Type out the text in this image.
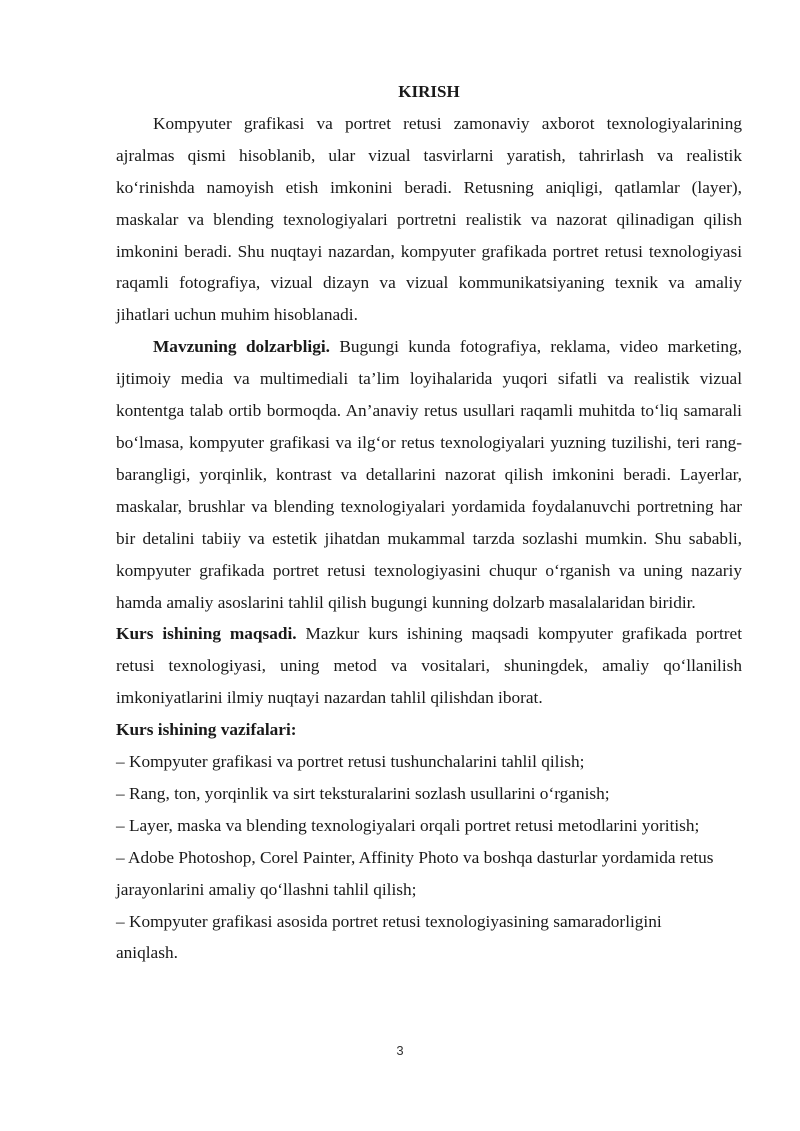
KIRISH

Kompyuter grafikasi va portret retusi zamonaviy axborot texnologiyalarining ajralmas qismi hisoblanib, ular vizual tasvirlarni yaratish, tahrirlash va realistik ko‘rinishda namoyish etish imkonini beradi. Retusning aniqligi, qatlamlar (layer), maskalar va blending texnologiyalari portretni realistik va nazorat qilinadigan qilish imkonini beradi. Shu nuqtayi nazardan, kompyuter grafikada portret retusi texnologiyasi raqamli fotografiya, vizual dizayn va vizual kommunikatsiyaning texnik va amaliy jihatlari uchun muhim hisoblanadi.

Mavzuning dolzarbligi. Bugungi kunda fotografiya, reklama, video marketing, ijtimoiy media va multimediali ta’lim loyihalarida yuqori sifatli va realistik vizual kontentga talab ortib bormoqda. An’anaviy retus usullari raqamli muhitda to‘liq samarali bo‘lmasa, kompyuter grafikasi va ilg‘or retus texnologiyalari yuzning tuzilishi, teri rang-barangligi, yorqinlik, kontrast va detallarini nazorat qilish imkonini beradi. Layerlar, maskalar, brushlar va blending texnologiyalari yordamida foydalanuvchi portretning har bir detalini tabiiy va estetik jihatdan mukammal tarzda sozlashi mumkin. Shu sababli, kompyuter grafikada portret retusi texnologiyasini chuqur o‘rganish va uning nazariy hamda amaliy asoslarini tahlil qilish bugungi kunning dolzarb masalalaridan biridir.

Kurs ishining maqsadi. Mazkur kurs ishining maqsadi kompyuter grafikada portret retusi texnologiyasi, uning metod va vositalari, shuningdek, amaliy qo‘llanilish imkoniyatlarini ilmiy nuqtayi nazardan tahlil qilishdan iborat.

Kurs ishining vazifalari:

– Kompyuter grafikasi va portret retusi tushunchalarini tahlil qilish;
– Rang, ton, yorqinlik va sirt teksturalarini sozlash usullarini o‘rganish;
– Layer, maska va blending texnologiyalari orqali portret retusi metodlarini yoritish;
– Adobe Photoshop, Corel Painter, Affinity Photo va boshqa dasturlar yordamida retus jarayonlarini amaliy qo‘llashni tahlil qilish;
– Kompyuter grafikasi asosida portret retusi texnologiyasining samaradorligini aniqlash.
3
